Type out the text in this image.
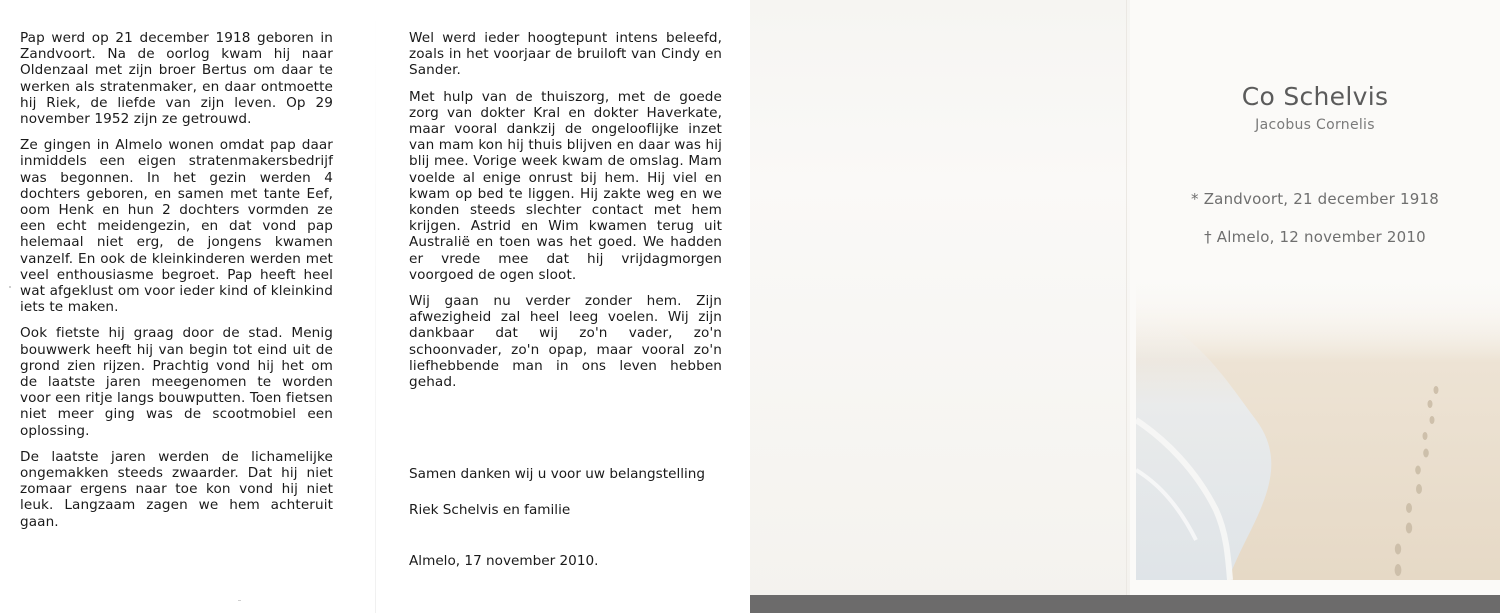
Pap werd op 21 december 1918 geboren in Zandvoort. Na de oorlog kwam hij naar Oldenzaal met zijn broer Bertus om daar te werken als stratenmaker, en daar ontmoette hij Riek, de liefde van zijn leven. Op 29 november 1952 zijn ze getrouwd.

Ze gingen in Almelo wonen omdat pap daar inmiddels een eigen stratenmakersbedrijf was begonnen. In het gezin werden 4 dochters geboren, en samen met tante Eef, oom Henk en hun 2 dochters vormden ze een echt meidengezin, en dat vond pap helemaal niet erg, de jongens kwamen vanzelf. En ook de kleinkinderen werden met veel enthousiasme begroet. Pap heeft heel wat afgeklust om voor ieder kind of kleinkind iets te maken.

Ook fietste hij graag door de stad. Menig bouwwerk heeft hij van begin tot eind uit de grond zien rijzen. Prachtig vond hij het om de laatste jaren meegenomen te worden voor een ritje langs bouwputten. Toen fietsen niet meer ging was de scootmobiel een oplossing.

De laatste jaren werden de lichamelijke ongemakken steeds zwaarder. Dat hij niet zomaar ergens naar toe kon vond hij niet leuk. Langzaam zagen we hem achteruit gaan.

Wel werd ieder hoogtepunt intens beleefd, zoals in het voorjaar de bruiloft van Cindy en Sander.

Met hulp van de thuiszorg, met de goede zorg van dokter Kral en dokter Haverkate, maar vooral dankzij de ongelooflijke inzet van mam kon hij thuis blijven en daar was hij blij mee. Vorige week kwam de omslag. Mam voelde al enige onrust bij hem. Hij viel en kwam op bed te liggen. Hij zakte weg en we konden steeds slechter contact met hem krijgen. Astrid en Wim kwamen terug uit Australië en toen was het goed. We hadden er vrede mee dat hij vrijdagmorgen voorgoed de ogen sloot.

Wij gaan nu verder zonder hem. Zijn afwezigheid zal heel leeg voelen. Wij zijn dankbaar dat wij zo'n vader, zo'n schoonvader, zo'n opap, maar vooral zo'n liefhebbende man in ons leven hebben gehad.

Samen danken wij u voor uw belangstelling
Riek Schelvis en familie
Almelo, 17 november 2010.
Co Schelvis
Jacobus Cornelis
* Zandvoort, 21 december 1918
† Almelo, 12 november 2010
